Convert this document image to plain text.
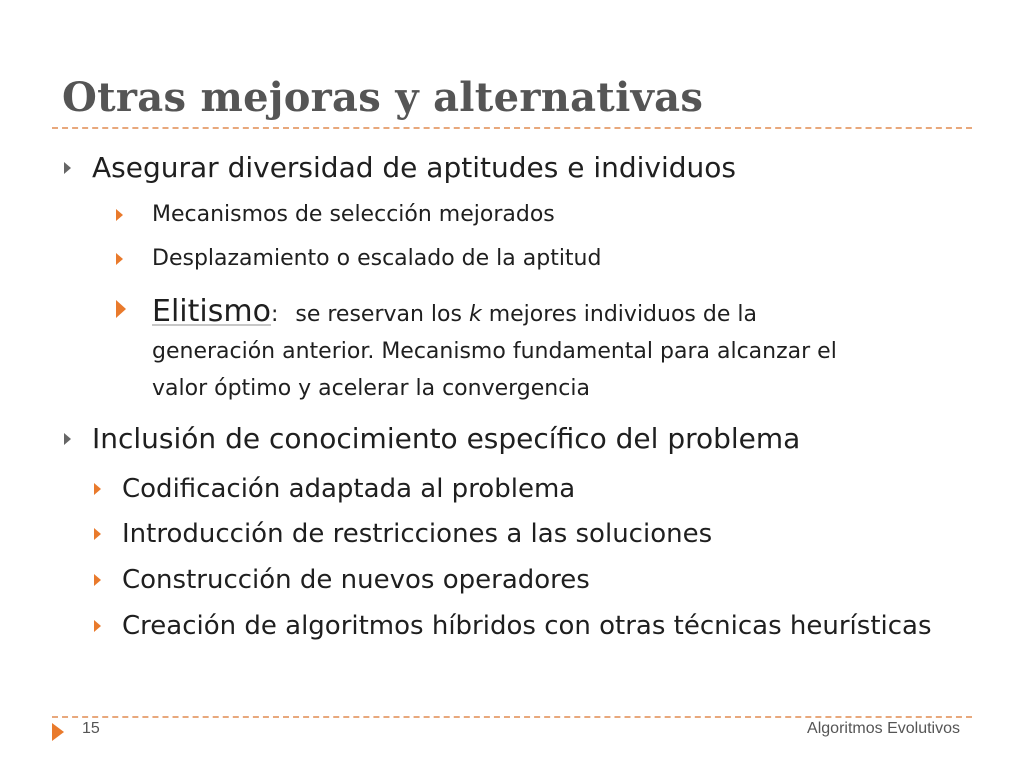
Otras mejoras y alternativas
Asegurar diversidad de aptitudes e individuos
Mecanismos de selección mejorados
Desplazamiento o escalado de la aptitud
Elitismo: se reservan los k mejores individuos de la
generación anterior. Mecanismo fundamental para alcanzar el
valor óptimo y acelerar la convergencia
Inclusión de conocimiento específico del problema
Codificación adaptada al problema
Introducción de restricciones a las soluciones
Construcción de nuevos operadores
Creación de algoritmos híbridos con otras técnicas heurísticas
15	Algoritmos Evolutivos
